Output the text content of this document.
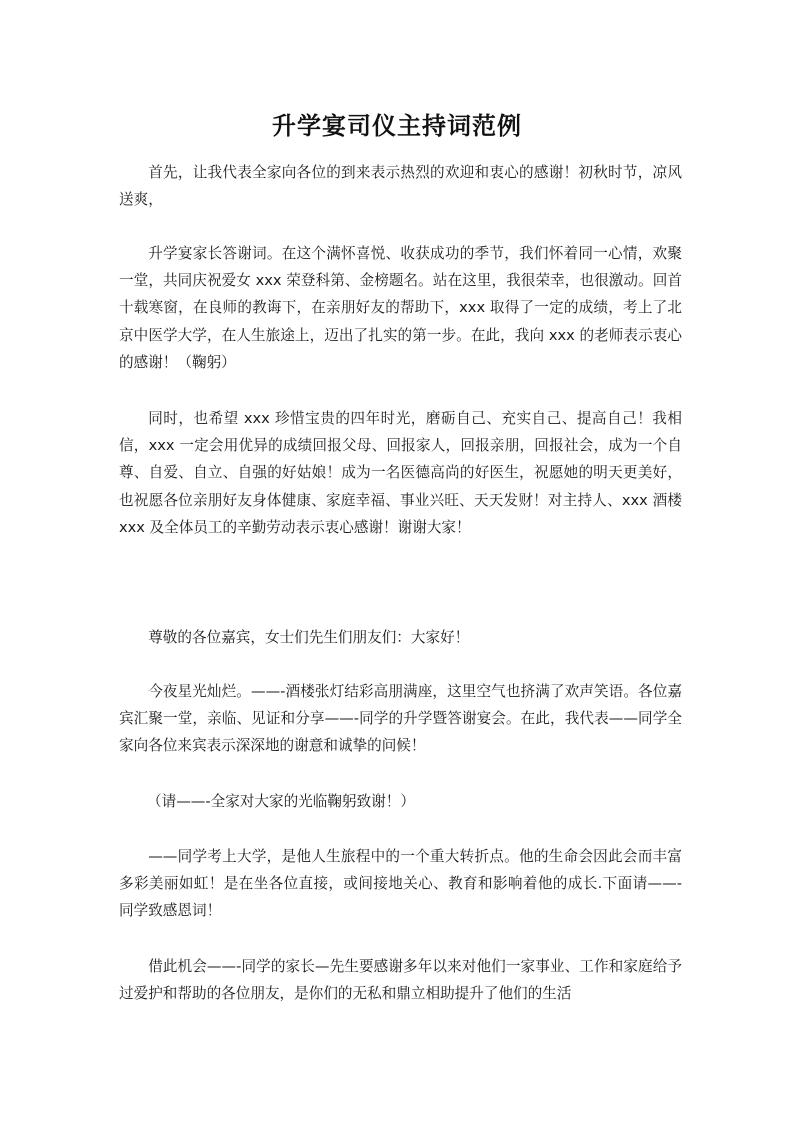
升学宴司仪主持词范例

首先，让我代表全家向各位的到来表示热烈的欢迎和衷心的感谢！初秋时节，凉风送爽，

升学宴家长答谢词。在这个满怀喜悦、收获成功的季节，我们怀着同一心情，欢聚一堂，共同庆祝爱女 xxx 荣登科第、金榜题名。站在这里，我很荣幸，也很激动。回首十载寒窗，在良师的教诲下，在亲朋好友的帮助下，xxx 取得了一定的成绩，考上了北京中医学大学，在人生旅途上，迈出了扎实的第一步。在此，我向 xxx 的老师表示衷心的感谢！（鞠躬）

同时，也希望 xxx 珍惜宝贵的四年时光，磨砺自己、充实自己、提高自己！我相信，xxx 一定会用优异的成绩回报父母、回报家人，回报亲朋，回报社会，成为一个自尊、自爱、自立、自强的好姑娘！成为一名医德高尚的好医生，祝愿她的明天更美好，也祝愿各位亲朋好友身体健康、家庭幸福、事业兴旺、天天发财！对主持人、xxx 酒楼 xxx 及全体员工的辛勤劳动表示衷心感谢！谢谢大家！

尊敬的各位嘉宾，女士们先生们朋友们：大家好！

今夜星光灿烂。——-酒楼张灯结彩高朋满座，这里空气也挤满了欢声笑语。各位嘉宾汇聚一堂，亲临、见证和分享——-同学的升学暨答谢宴会。在此，我代表——同学全家向各位来宾表示深深地的谢意和诚挚的问候！

（请——-全家对大家的光临鞠躬致谢！）

——同学考上大学，是他人生旅程中的一个重大转折点。他的生命会因此会而丰富多彩美丽如虹！是在坐各位直接，或间接地关心、教育和影响着他的成长.下面请——-同学致感恩词！

借此机会——-同学的家长—先生要感谢多年以来对他们一家事业、工作和家庭给予过爱护和帮助的各位朋友，是你们的无私和鼎立相助提升了他们的生活
